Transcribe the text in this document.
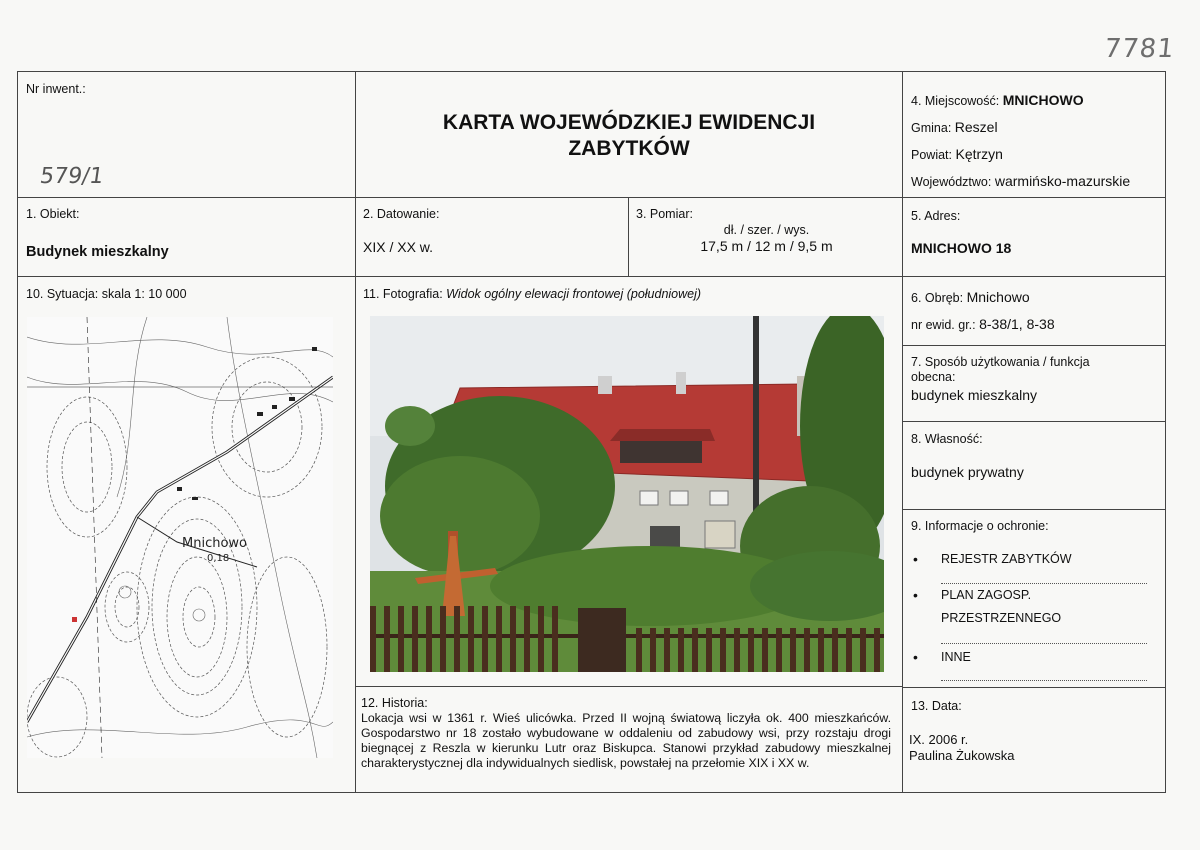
7781
Nr inwent.:
579/1
KARTA WOJEWÓDZKIEJ EWIDENCJI
ZABYTKÓW
4. Miejscowość: MNICHOWO
Gmina: Reszel
Powiat: Kętrzyn
Województwo: warmińsko-mazurskie
1. Obiekt:
Budynek mieszkalny
2. Datowanie:
XIX / XX w.
3. Pomiar:
dł. / szer. / wys.
17,5 m / 12 m / 9,5 m
5. Adres:
MNICHOWO 18
10. Sytuacja: skala 1: 10 000
Mnichowo
0,18
11. Fotografia: Widok ogólny elewacji frontowej (południowej)	6. Obręb: Mnichowo
nr ewid. gr.: 8-38/1, 8-38
7. Sposób użytkowania / funkcja
obecna:
budynek mieszkalny
8. Własność:
budynek prywatny
9. Informacje o ochronie:
• REJESTR ZABYTKÓW
• PLAN ZAGOSP.
PRZESTRZENNEGO
• INNE
12. Historia:
Lokacja wsi w 1361 r. Wieś ulicówka. Przed II wojną światową liczyła ok. 400 mieszkańców. Gospodarstwo nr 18 zostało wybudowane w oddaleniu od zabudowy wsi, przy rozstaju drogi biegnącej z Reszla w kierunku Lutr oraz Biskupca. Stanowi przykład zabudowy mieszkalnej charakterystycznej dla indywidualnych siedlisk, powstałej na przełomie XIX i XX w.
13. Data:
IX. 2006 r.
Paulina Żukowska
